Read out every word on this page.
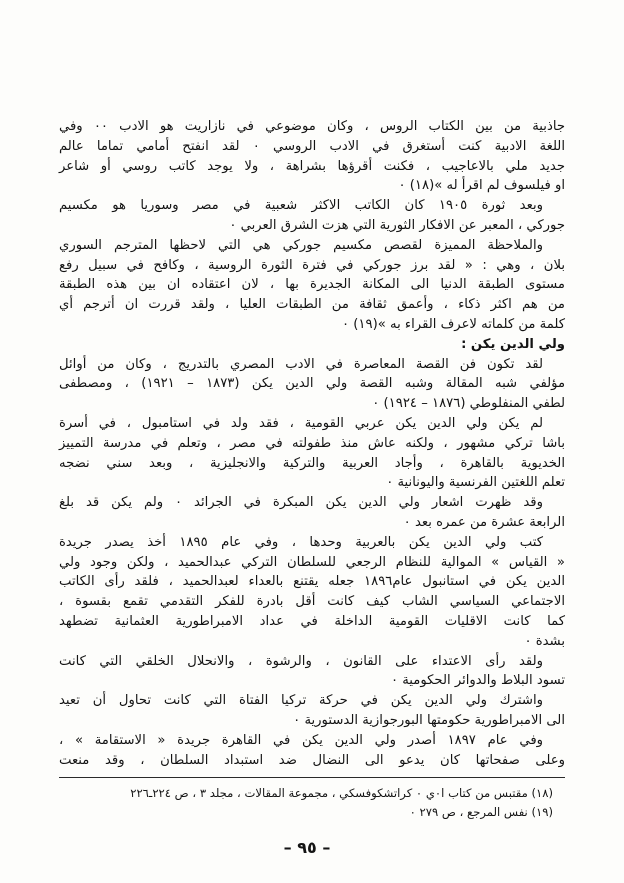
جاذبية من بين الكتاب الروس ، وكان موضوعي في نازاريت هو الادب ٠٠ وفي
اللغة الادبية كنت أستغرق في الادب الروسي ٠ لقد انفتح أمامي تماما عالم
جديد ملي بالاعاجيب ، فكنت أقرؤها بشراهة ، ولا يوجد كاتب روسي أو شاعر
او فيلسوف لم اقرأ له »(١٨) ٠
وبعد ثورة ١٩٠٥ كان الكاتب الاكثر شعبية في مصر وسوريا هو مكسيم
جوركي ، المعبر عن الافكار الثورية التي هزت الشرق العربي ٠
والملاحظة المميزة لقصص مكسيم جوركي هي التي لاحظها المترجم السوري
بلان ، وهي : « لقد برز جوركي في فترة الثورة الروسية ، وكافح في سبيل رفع
مستوى الطبقة الدنيا الى المكانة الجديرة بها ، لان اعتقاده ان بين هذه الطبقة
من هم اكثر ذكاء ، وأعمق ثقافة من الطبقات العليا ، ولقد قررت ان أترجم أي
كلمة من كلماته لاعرف القراء به »(١٩) ٠
ولي الدين يكن :
لقد تكون فن القصة المعاصرة في الادب المصري بالتدريج ، وكان من أوائل
مؤلفي شبه المقالة وشبه القصة ولي الدين يكن (١٨٧٣ – ١٩٢١) ، ومصطفى
لطفي المنفلوطي (١٨٧٦ – ١٩٢٤) ٠
لم يكن ولي الدين يكن عربي القومية ، فقد ولد في استامبول ، في أسرة
باشا تركي مشهور ، ولكنه عاش منذ طفولته في مصر ، وتعلم في مدرسة التمييز
الخديوية بالقاهرة ، وأجاد العربية والتركية والانجليزية ، وبعد سني نضجه
تعلم اللغتين الفرنسية واليونانية ٠
وقد ظهرت اشعار ولي الدين يكن المبكرة في الجرائد ٠ ولم يكن قد بلغ
الرابعة عشرة من عمره بعد ٠
كتب ولي الدين يكن بالعربية وحدها ، وفي عام ١٨٩٥ أخذ يصدر جريدة
« القياس » الموالية للنظام الرجعي للسلطان التركي عبدالحميد ، ولكن وجود ولي
الدين يكن في استانبول عام١٨٩٦ جعله يقتنع بالعداء لعبدالحميد ، فلقد رأى الكاتب
الاجتماعي السياسي الشاب كيف كانت أقل بادرة للفكر التقدمي تقمع بقسوة ،
كما كانت الاقليات القومية الداخلة في عداد الامبراطورية العثمانية تضطهد
بشدة ٠
ولقد رأى الاعتداء على القانون ، والرشوة ، والانحلال الخلقي التي كانت
تسود البلاط والدوائر الحكومية ٠
واشترك ولي الدين يكن في حركة تركيا الفتاة التي كانت تحاول أن تعيد
الى الامبراطورية حكومتها البورجوازية الدستورية ٠
وفي عام ١٨٩٧ أصدر ولي الدين يكن في القاهرة جريدة « الاستقامة » ،
وعلى صفحاتها كان يدعو الى النضال ضد استبداد السلطان ، وقد منعت
(١٨) مقتبس من كتاب ا٠ي ٠ كراتشكوفسكي ، مجموعة المقالات ، مجلد ٣ ، ص ٢٢٤ـ٢٢٦
(١٩) نفس المرجع ، ص ٢٧٩ ٠
– ٩٥ –
